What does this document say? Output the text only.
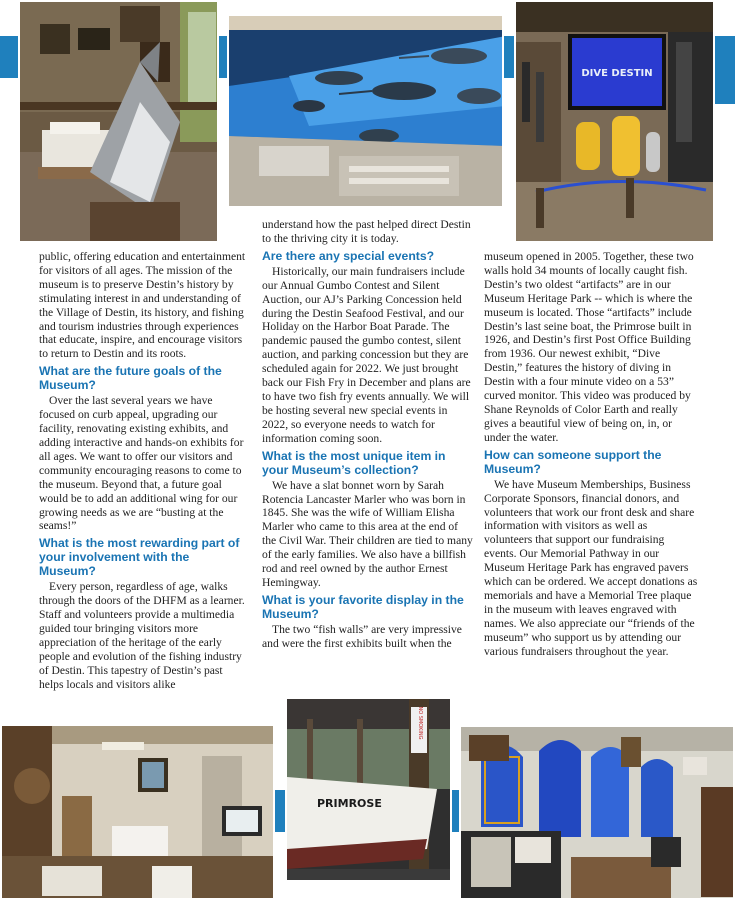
DIVE DESTIN

public, offering education and entertainment for visitors of all ages. The mission of the museum is to preserve Destin’s history by stimulating interest in and understanding of the Village of Destin, its history, and fishing and tourism industries through experiences that educate, inspire, and encourage visitors to return to Destin and its roots.

What are the future goals of the Museum?

Over the last several years we have focused on curb appeal, upgrading our facility, renovating existing exhibits, and adding interactive and hands-on exhibits for all ages. We want to offer our visitors and community encouraging reasons to come to the museum. Beyond that, a future goal would be to add an additional wing for our growing needs as we are “busting at the seams!”

What is the most rewarding part of your involvement with the Museum?

Every person, regardless of age, walks through the doors of the DHFM as a learner. Staff and volunteers provide a multimedia guided tour bringing visitors more appreciation of the heritage of the early people and evolution of the fishing industry of Destin. This tapestry of Destin’s past helps locals and visitors alike

understand how the past helped direct Destin to the thriving city it is today.

Are there any special events?

Historically, our main fundraisers include our Annual Gumbo Contest and Silent Auction, our AJ’s Parking Concession held during the Destin Seafood Festival, and our Holiday on the Harbor Boat Parade. The pandemic paused the gumbo contest, silent auction, and parking concession but they are scheduled again for 2022. We just brought back our Fish Fry in December and plans are to have two fish fry events annually. We will be hosting several new special events in 2022, so everyone needs to watch for information coming soon.

What is the most unique item in your Museum’s collection?

We have a slat bonnet worn by Sarah Rotencia Lancaster Marler who was born in 1845. She was the wife of William Elisha Marler who came to this area at the end of the Civil War. Their children are tied to many of the early families. We also have a billfish rod and reel owned by the author Ernest Hemingway.

What is your favorite display in the Museum?

The two “fish walls” are very impressive and were the first exhibits built when the

museum opened in 2005. Together, these two walls hold 34 mounts of locally caught fish. Destin’s two oldest “artifacts” are in our Museum Heritage Park -- which is where the museum is located. Those “artifacts” include Destin’s last seine boat, the Primrose built in 1926, and Destin’s first Post Office Building from 1936. Our newest exhibit, “Dive Destin,” features the history of diving in Destin with a four minute video on a 53” curved monitor. This video was produced by Shane Reynolds of Color Earth and really gives a beautiful view of being on, in, or under the water.

How can someone support the Museum?

We have Museum Memberships, Business Corporate Sponsors, financial donors, and volunteers that work our front desk and share information with visitors as well as volunteers that support our fundraising events. Our Memorial Pathway in our Museum Heritage Park has engraved pavers which can be ordered. We accept donations as memorials and have a Memorial Tree plaque in the museum with leaves engraved with names. We also appreciate our “friends of the museum” who support us by attending our various fundraisers throughout the year.

NO SMOKING
PRIMROSE
